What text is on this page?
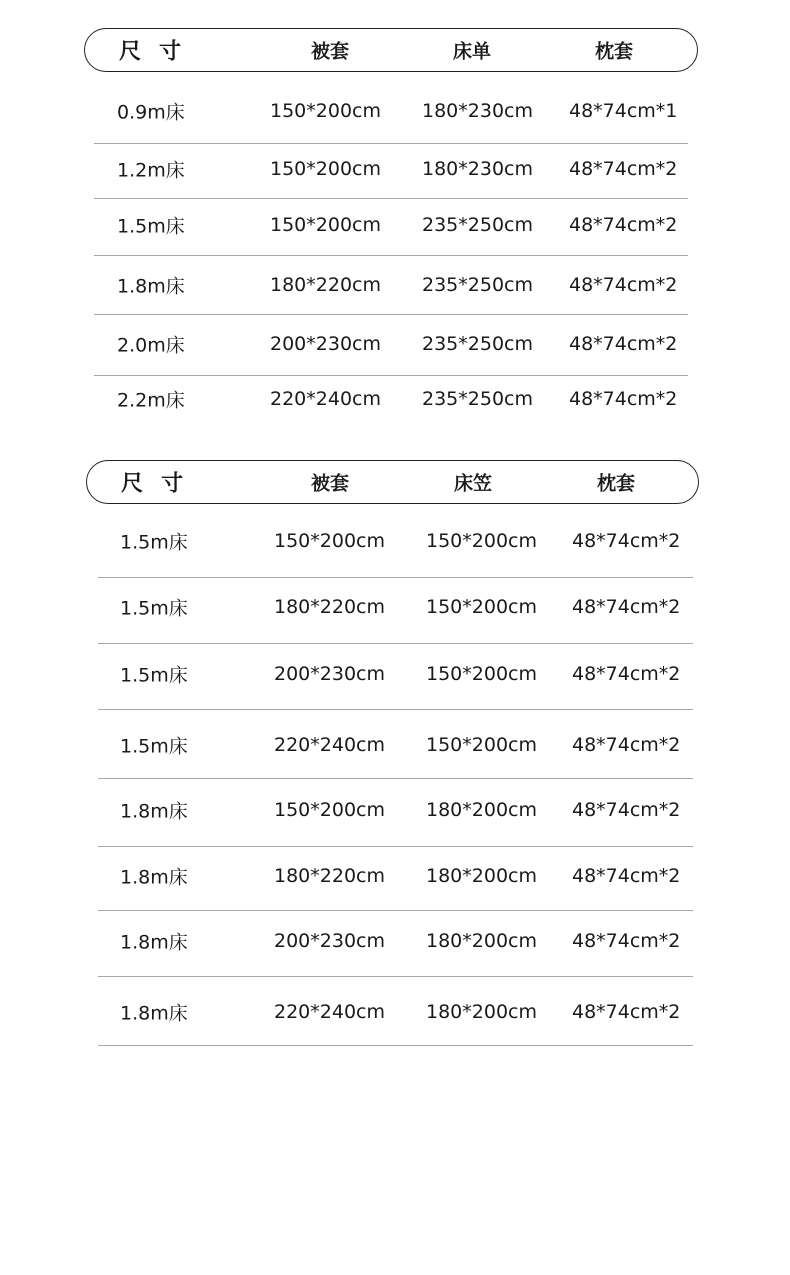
尺寸	被套	床单	枕套
0.9m床	150*200cm 180*230cm 48*74cm*1
1.2m床	150*200cm 180*230cm 48*74cm*2
1.5m床	150*200cm 235*250cm 48*74cm*2
1.8m床	180*220cm 235*250cm 48*74cm*2
2.0m床	200*230cm 235*250cm 48*74cm*2
2.2m床	220*240cm 235*250cm 48*74cm*2
尺寸	被套	床笠	枕套
1.5m床	150*200cm 150*200cm 48*74cm*2
1.5m床	180*220cm 150*200cm 48*74cm*2
1.5m床	200*230cm 150*200cm 48*74cm*2
1.5m床	220*240cm 150*200cm 48*74cm*2
1.8m床	150*200cm 180*200cm 48*74cm*2
1.8m床	180*220cm 180*200cm 48*74cm*2
1.8m床	200*230cm 180*200cm 48*74cm*2
1.8m床	220*240cm 180*200cm 48*74cm*2
